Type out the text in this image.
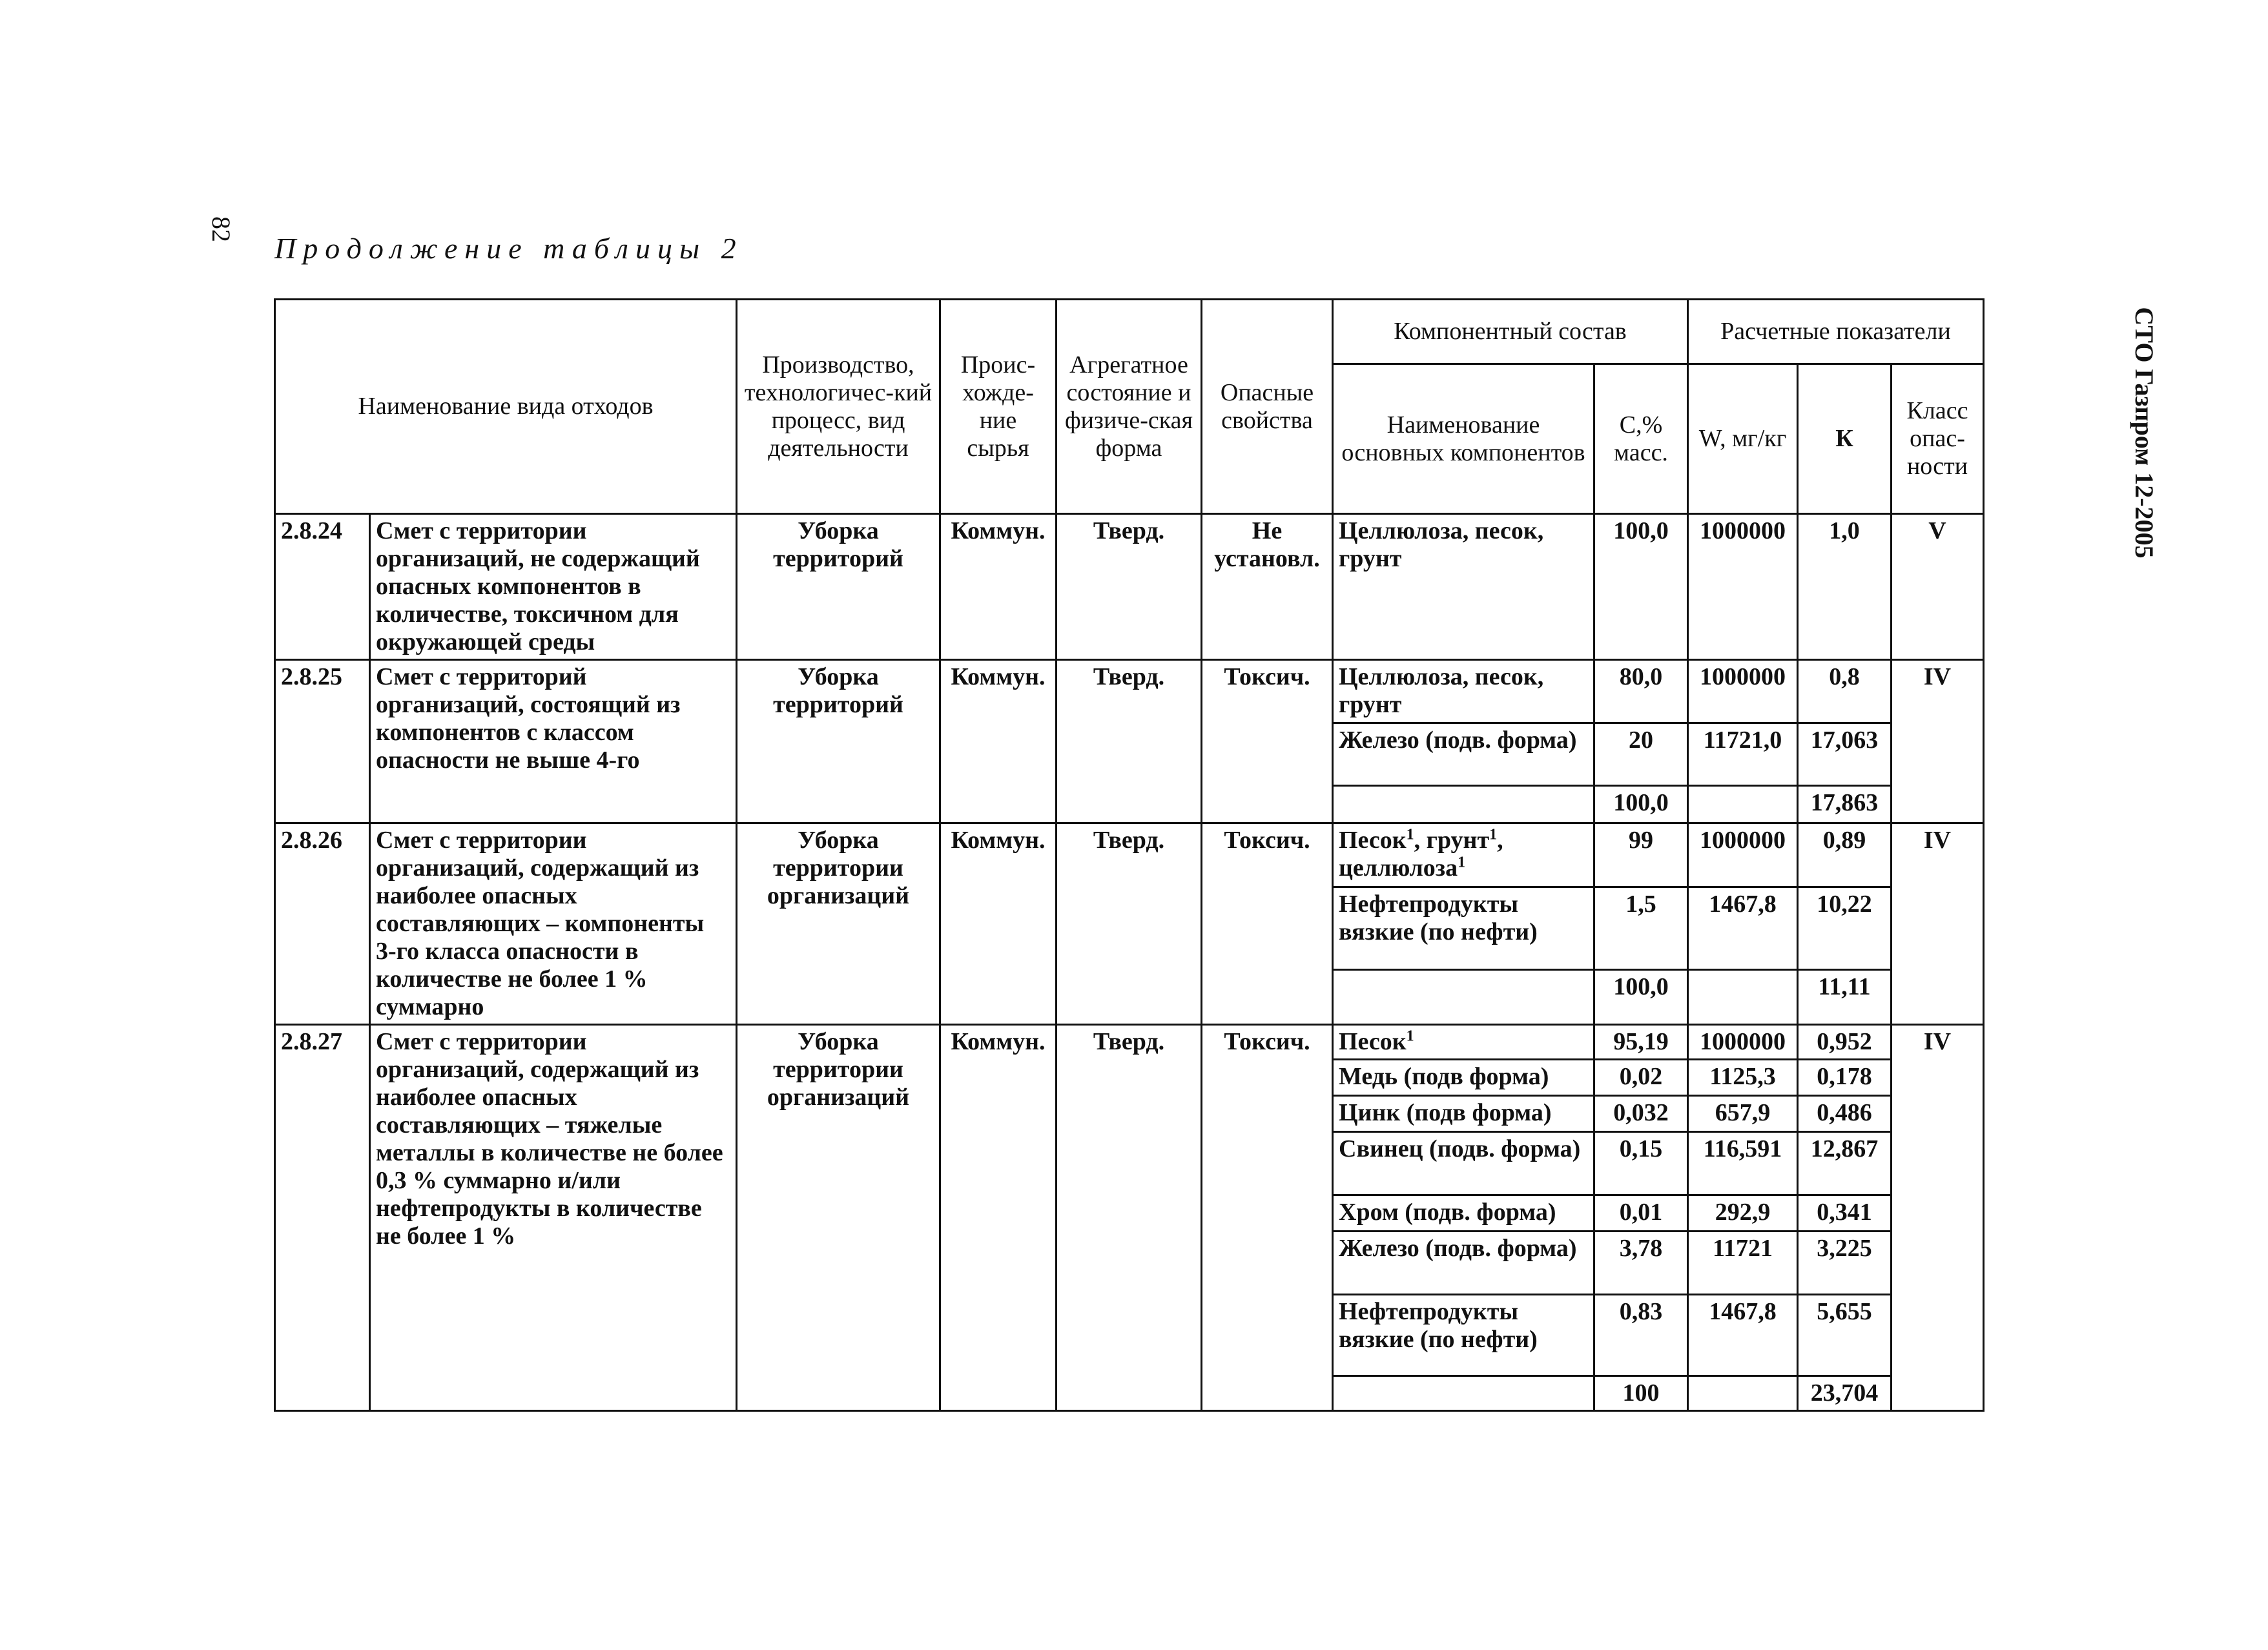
82
СТО Газпром 12-2005
Продолжение таблицы 2
Наименование вида отходов		Производство, технологичес-кий процесс, вид деятельности	Проис-хожде-ние сырья	Агрегатное состояние и физиче-ская форма	Опасные свойства	Компонентный состав		Расчетные показатели		
						Наименование основных компонентов	С,% масс.	W, мг/кг	К	Класс опас-ности
2.8.24	Смет с территории организаций, не содержащий опасных компонентов в количестве, токсичном для окружающей среды	Уборка территорий	Коммун.	Тверд.	Не установл.	Целлюлоза, песок, грунт	100,0	1000000	1,0	V
2.8.25	Смет с территорий организаций, состоящий из компонентов с классом опасности не выше 4-го	Уборка территорий	Коммун.	Тверд.	Токсич.	Целлюлоза, песок, грунт	80,0	1000000	0,8	IV
						Железо (подв. форма)	20	11721,0	17,063	
							100,0		17,863	
2.8.26	Смет с территории организаций, содержащий из наиболее опасных составляющих – компоненты 3-го класса опасности в количестве не более 1 % суммарно	Уборка территории организаций	Коммун.	Тверд.	Токсич.	Песок$^1$, грунт$^1$, целлюлоза$^1$	99	1000000	0,89	IV
						Нефтепродукты вязкие (по нефти)	1,5	1467,8	10,22	
							100,0		11,11	
2.8.27	Смет с территории организаций, содержащий из наиболее опасных составляющих – тяжелые металлы в количестве не более 0,3 % суммарно и/или нефтепродукты в количестве не более 1 %	Уборка территории организаций	Коммун.	Тверд.	Токсич.	Песок$^1$	95,19	1000000	0,952	IV
						Медь (подв форма)	0,02	1125,3	0,178	
						Цинк (подв форма)	0,032	657,9	0,486	
						Свинец (подв. форма)	0,15	116,591	12,867	
						Хром (подв. форма)	0,01	292,9	0,341	
						Железо (подв. форма)	3,78	11721	3,225	
						Нефтепродукты вязкие (по нефти)	0,83	1467,8	5,655	
							100		23,704	
